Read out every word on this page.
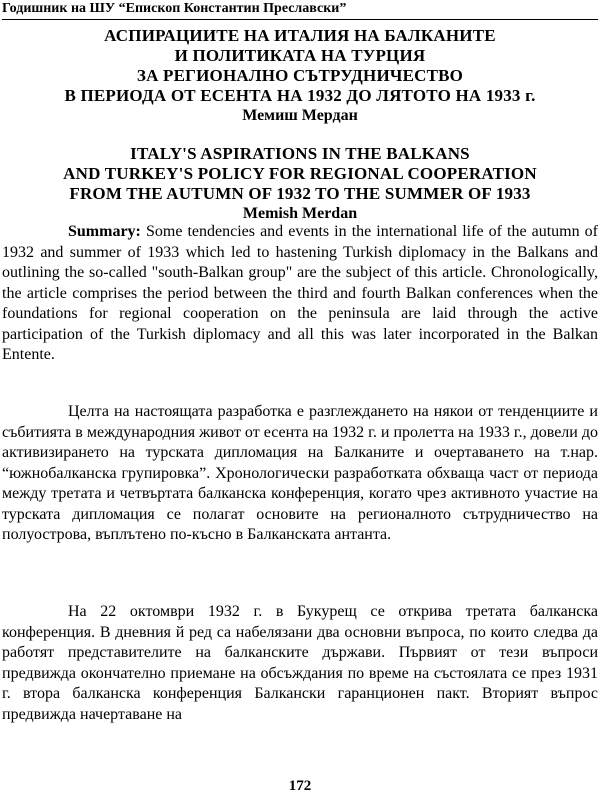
Годишник на ШУ “Епископ Константин Преславски”
АСПИРАЦИИТЕ НА ИТАЛИЯ НА БАЛКАНИТЕ
И ПОЛИТИКАТА НА ТУРЦИЯ
ЗА РЕГИОНАЛНО СЪТРУДНИЧЕСТВО
В ПЕРИОДА ОТ ЕСЕНТА НА 1932 ДО ЛЯТОТО НА 1933 г.
Мемиш Мердан
ITALY'S ASPIRATIONS IN THE BALKANS
AND TURKEY'S POLICY FOR REGIONAL COOPERATION
FROM THE AUTUMN OF 1932 TO THE SUMMER OF 1933
Memish Merdan
Summary: Some tendencies and events in the international life of the autumn of 1932 and summer of 1933 which led to hastening Turkish diplomacy in the Balkans and outlining the so-called "south-Balkan group" are the subject of this article. Chronologically, the article comprises the period between the third and fourth Balkan conferences when the foundations for regional cooperation on the peninsula are laid through the active participation of the Turkish diplomacy and all this was later incorporated in the Balkan Entente.

Целта на настоящата разработка е разглеждането на някои от тенденциите и събитията в международния живот от есента на 1932 г. и пролетта на 1933 г., довели до активизирането на турската дипломация на Балканите и очертаването на т.нар. “южнобалканска групировка”. Хронологически разработката обхваща част от периода между третата и четвъртата балканска конференция, когато чрез активното участие на турската дипломация се полагат основите на регионалното сътрудничество на полуострова, въплътено по-късно в Балканската антанта.

На 22 октомври 1932 г. в Букурещ се открива третата балканска конференция. В дневния й ред са набелязани два основни въпроса, по които следва да работят представителите на балканските държави. Първият от тези въпроси предвижда окончателно приемане на обсъждания по време на състоялата се през 1931 г. втора балканска конференция Балкански гаранционен пакт. Вторият въпрос предвижда начертаване на

172
